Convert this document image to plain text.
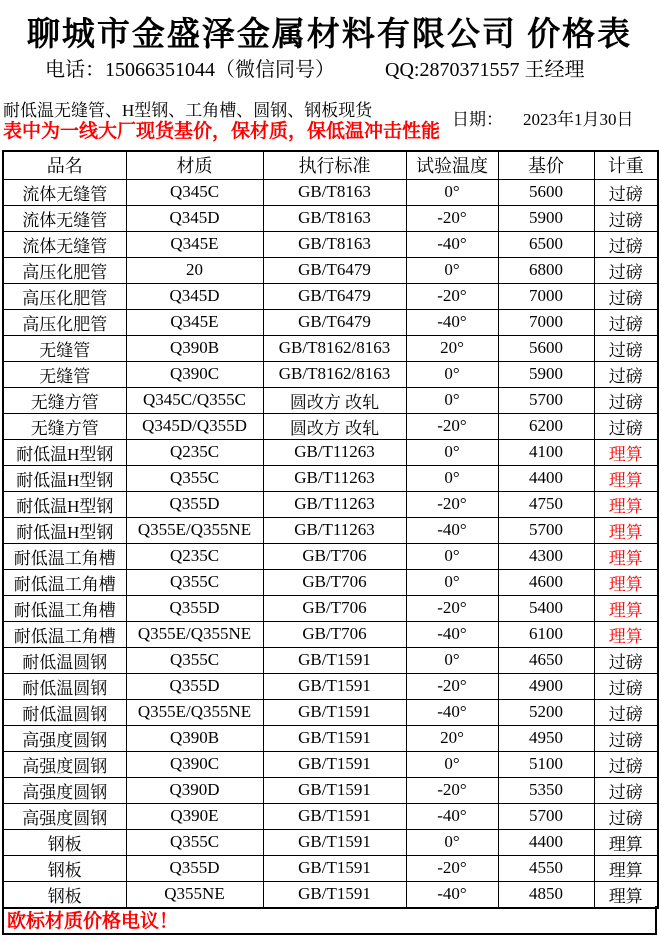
聊城市金盛泽金属材料有限公司 价格表
电话：15066351044（微信同号）	QQ:2870371557 王经理
耐低温无缝管、H型钢、工角槽、圆钢、钢板现货	日期： 2023年1月30日
表中为一线大厂现货基价，保材质，保低温冲击性能
品名	材质	执行标准	试验温度	基价	计重
流体无缝管	Q345C	GB/T8163	0°	5600	过磅
流体无缝管	Q345D	GB/T8163	-20°	5900	过磅
流体无缝管	Q345E	GB/T8163	-40°	6500	过磅
高压化肥管	20	GB/T6479	0°	6800	过磅
高压化肥管	Q345D	GB/T6479	-20°	7000	过磅
高压化肥管	Q345E	GB/T6479	-40°	7000	过磅
无缝管	Q390B	GB/T8162/8163	20°	5600	过磅
无缝管	Q390C	GB/T8162/8163	0°	5900	过磅
无缝方管	Q345C/Q355C	圆改方 改轧	0°	5700	过磅
无缝方管	Q345D/Q355D	圆改方 改轧	-20°	6200	过磅
耐低温H型钢	Q235C	GB/T11263	0°	4100	理算
耐低温H型钢	Q355C	GB/T11263	0°	4400	理算
耐低温H型钢	Q355D	GB/T11263	-20°	4750	理算
耐低温H型钢	Q355E/Q355NE	GB/T11263	-40°	5700	理算
耐低温工角槽	Q235C	GB/T706	0°	4300	理算
耐低温工角槽	Q355C	GB/T706	0°	4600	理算
耐低温工角槽	Q355D	GB/T706	-20°	5400	理算
耐低温工角槽	Q355E/Q355NE	GB/T706	-40°	6100	理算
耐低温圆钢	Q355C	GB/T1591	0°	4650	过磅
耐低温圆钢	Q355D	GB/T1591	-20°	4900	过磅
耐低温圆钢	Q355E/Q355NE	GB/T1591	-40°	5200	过磅
高强度圆钢	Q390B	GB/T1591	20°	4950	过磅
高强度圆钢	Q390C	GB/T1591	0°	5100	过磅
高强度圆钢	Q390D	GB/T1591	-20°	5350	过磅
高强度圆钢	Q390E	GB/T1591	-40°	5700	过磅
钢板	Q355C	GB/T1591	0°	4400	理算
钢板	Q355D	GB/T1591	-20°	4550	理算
钢板	Q355NE	GB/T1591	-40°	4850	理算
欧标材质价格电议！
